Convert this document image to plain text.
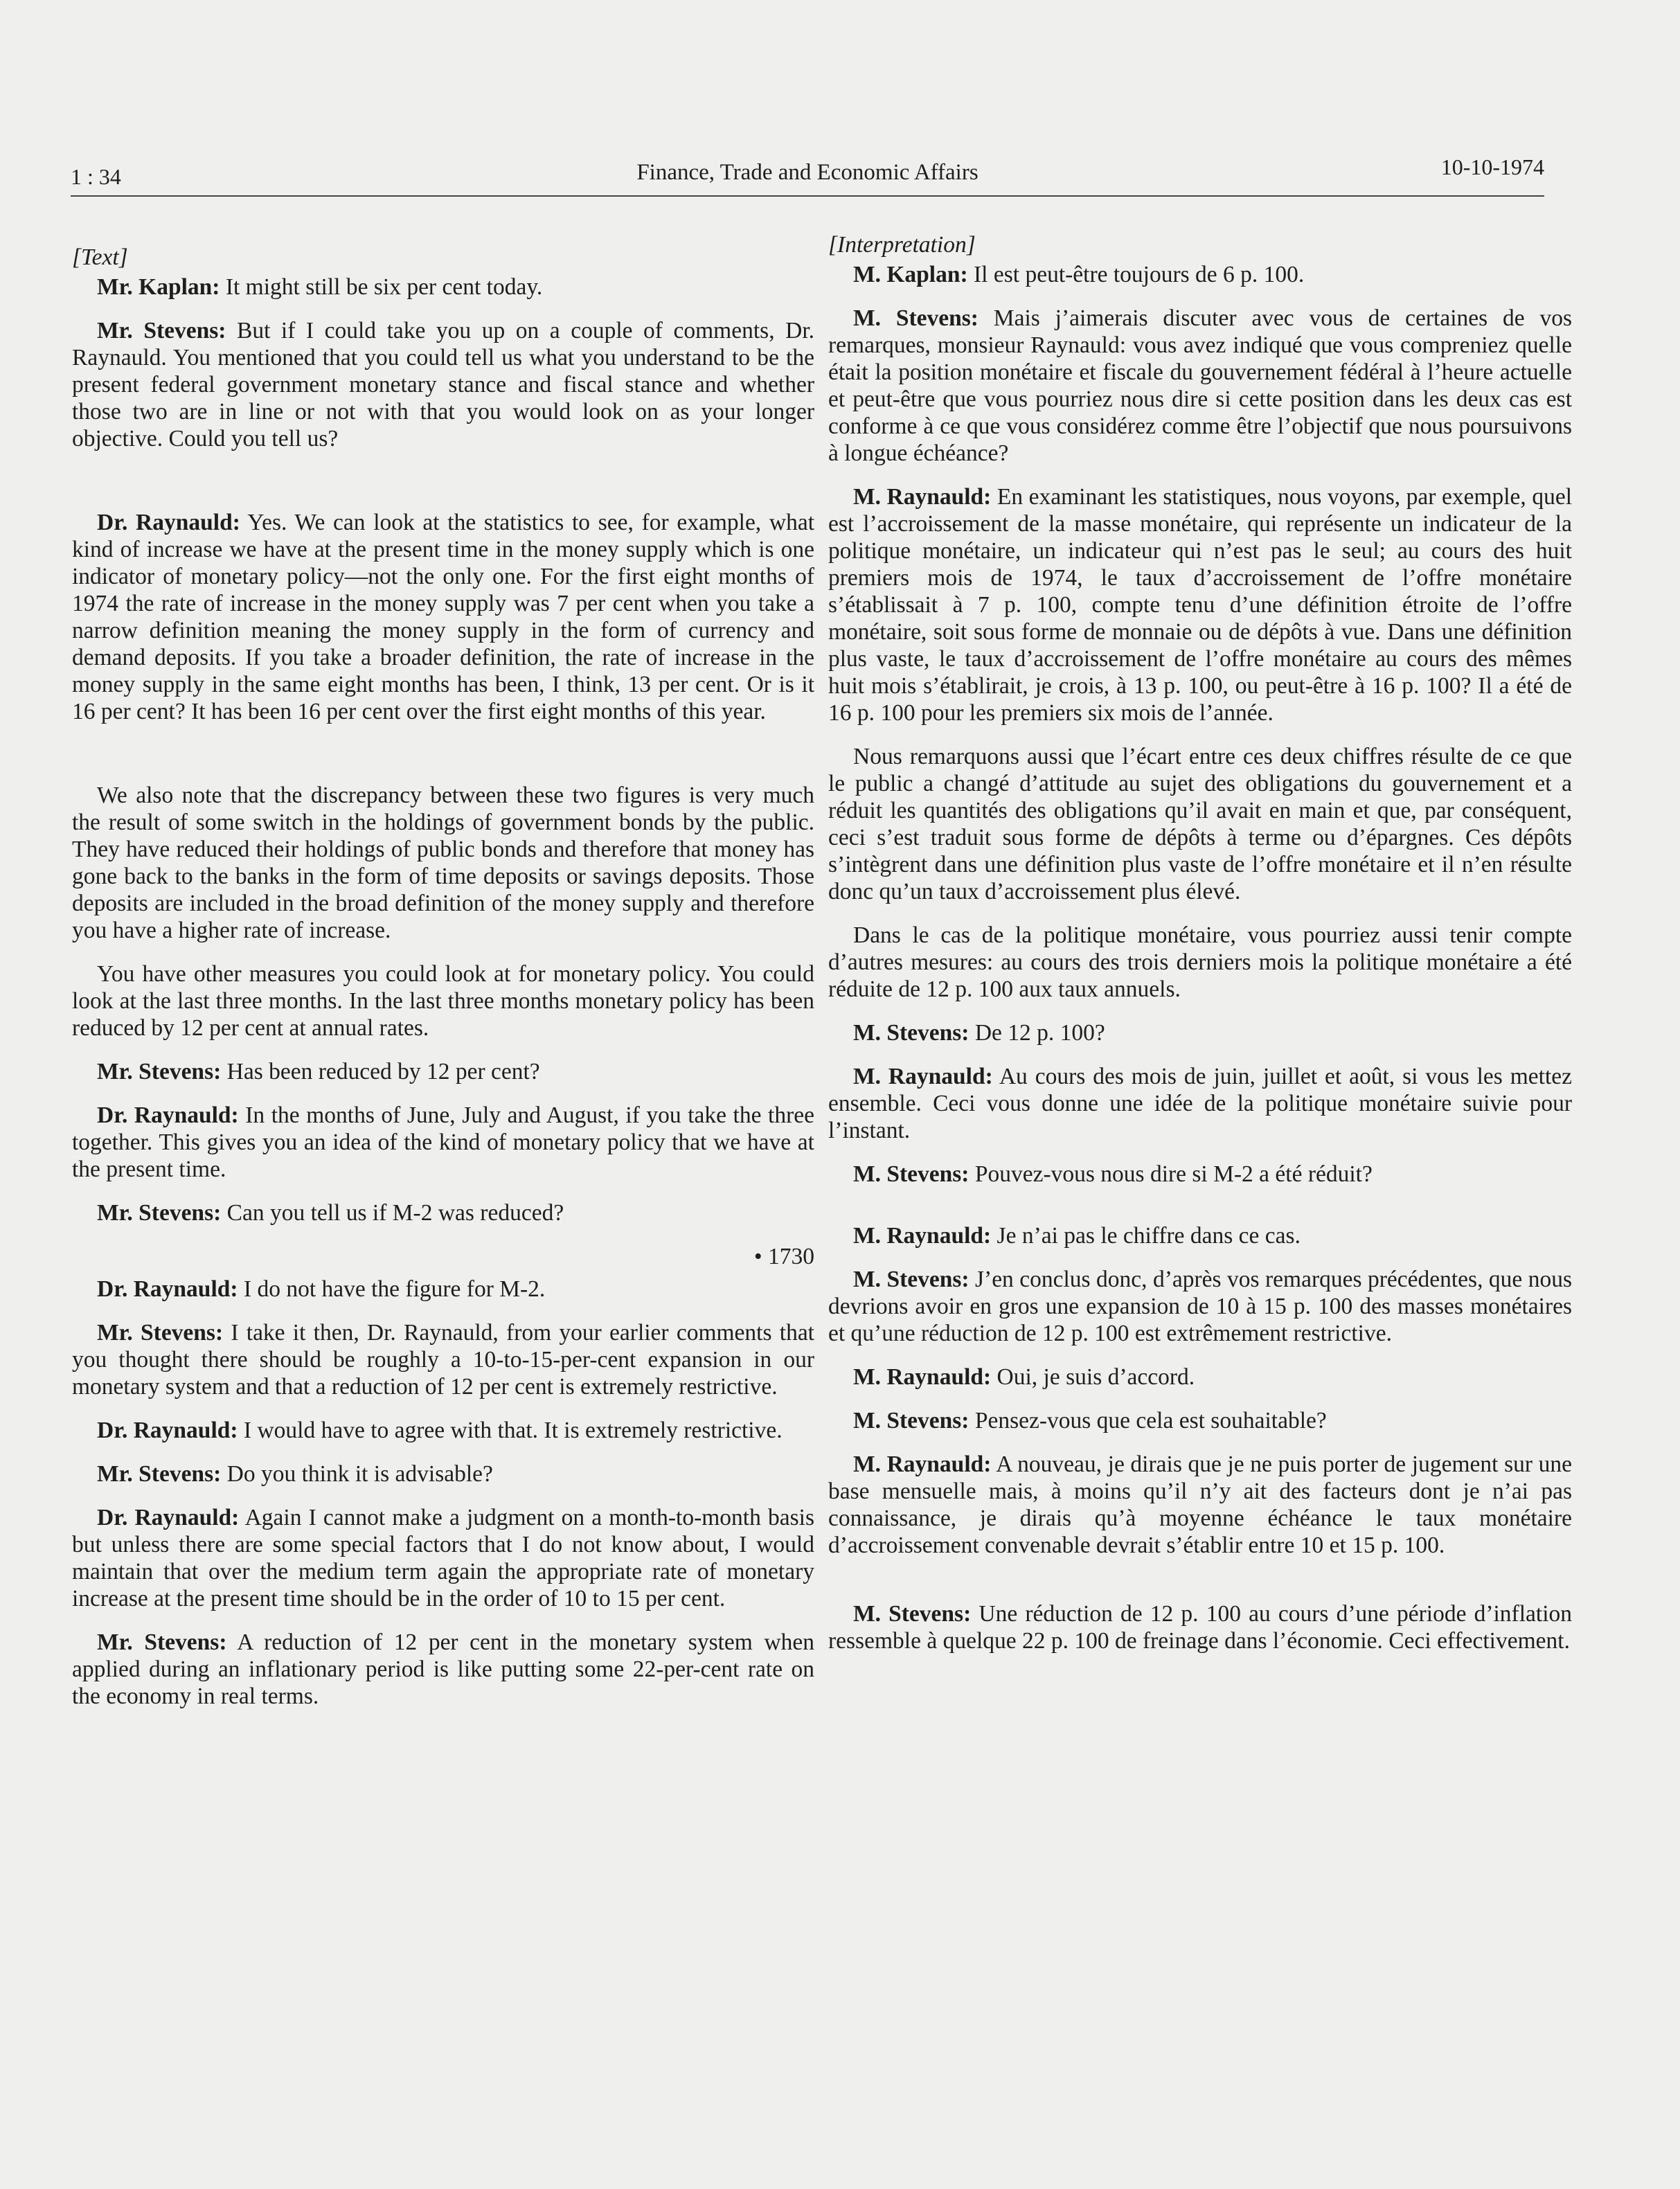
1 : 34	Finance, Trade and Economic Affairs	10-10-1974
[Text]

Mr. Kaplan: It might still be six per cent today.

Mr. Stevens: But if I could take you up on a couple of comments, Dr. Raynauld. You mentioned that you could tell us what you understand to be the present federal government monetary stance and fiscal stance and whether those two are in line or not with that you would look on as your longer objective. Could you tell us?

Dr. Raynauld: Yes. We can look at the statistics to see, for example, what kind of increase we have at the present time in the money supply which is one indicator of monetary policy—not the only one. For the first eight months of 1974 the rate of increase in the money supply was 7 per cent when you take a narrow definition meaning the money supply in the form of currency and demand deposits. If you take a broader definition, the rate of increase in the money supply in the same eight months has been, I think, 13 per cent. Or is it 16 per cent? It has been 16 per cent over the first eight months of this year.

We also note that the discrepancy between these two figures is very much the result of some switch in the holdings of government bonds by the public. They have reduced their holdings of public bonds and therefore that money has gone back to the banks in the form of time deposits or savings deposits. Those deposits are included in the broad definition of the money supply and therefore you have a higher rate of increase.

You have other measures you could look at for monetary policy. You could look at the last three months. In the last three months monetary policy has been reduced by 12 per cent at annual rates.

Mr. Stevens: Has been reduced by 12 per cent?

Dr. Raynauld: In the months of June, July and August, if you take the three together. This gives you an idea of the kind of monetary policy that we have at the present time.

Mr. Stevens: Can you tell us if M-2 was reduced?

• 1730

Dr. Raynauld: I do not have the figure for M-2.

Mr. Stevens: I take it then, Dr. Raynauld, from your earlier comments that you thought there should be roughly a 10-to-15-per-cent expansion in our monetary system and that a reduction of 12 per cent is extremely restrictive.

Dr. Raynauld: I would have to agree with that. It is extremely restrictive.

Mr. Stevens: Do you think it is advisable?

Dr. Raynauld: Again I cannot make a judgment on a month-to-month basis but unless there are some special factors that I do not know about, I would maintain that over the medium term again the appropriate rate of monetary increase at the present time should be in the order of 10 to 15 per cent.

Mr. Stevens: A reduction of 12 per cent in the monetary system when applied during an inflationary period is like putting some 22-per-cent rate on the economy in real terms.

[Interpretation]

M. Kaplan: Il est peut-être toujours de 6 p. 100.

M. Stevens: Mais j’aimerais discuter avec vous de certaines de vos remarques, monsieur Raynauld: vous avez indiqué que vous compreniez quelle était la position monétaire et fiscale du gouvernement fédéral à l’heure actuelle et peut-être que vous pourriez nous dire si cette position dans les deux cas est conforme à ce que vous considérez comme être l’objectif que nous poursuivons à longue échéance?

M. Raynauld: En examinant les statistiques, nous voyons, par exemple, quel est l’accroissement de la masse monétaire, qui représente un indicateur de la politique monétaire, un indicateur qui n’est pas le seul; au cours des huit premiers mois de 1974, le taux d’accroissement de l’offre monétaire s’établissait à 7 p. 100, compte tenu d’une définition étroite de l’offre monétaire, soit sous forme de monnaie ou de dépôts à vue. Dans une définition plus vaste, le taux d’accroissement de l’offre monétaire au cours des mêmes huit mois s’établirait, je crois, à 13 p. 100, ou peut-être à 16 p. 100? Il a été de 16 p. 100 pour les premiers six mois de l’année.

Nous remarquons aussi que l’écart entre ces deux chiffres résulte de ce que le public a changé d’attitude au sujet des obligations du gouvernement et a réduit les quantités des obligations qu’il avait en main et que, par conséquent, ceci s’est traduit sous forme de dépôts à terme ou d’épargnes. Ces dépôts s’intègrent dans une définition plus vaste de l’offre monétaire et il n’en résulte donc qu’un taux d’accroissement plus élevé.

Dans le cas de la politique monétaire, vous pourriez aussi tenir compte d’autres mesures: au cours des trois derniers mois la politique monétaire a été réduite de 12 p. 100 aux taux annuels.

M. Stevens: De 12 p. 100?

M. Raynauld: Au cours des mois de juin, juillet et août, si vous les mettez ensemble. Ceci vous donne une idée de la politique monétaire suivie pour l’instant.

M. Stevens: Pouvez-vous nous dire si M-2 a été réduit?

M. Raynauld: Je n’ai pas le chiffre dans ce cas.

M. Stevens: J’en conclus donc, d’après vos remarques précédentes, que nous devrions avoir en gros une expansion de 10 à 15 p. 100 des masses monétaires et qu’une réduction de 12 p. 100 est extrêmement restrictive.

M. Raynauld: Oui, je suis d’accord.

M. Stevens: Pensez-vous que cela est souhaitable?

M. Raynauld: A nouveau, je dirais que je ne puis porter de jugement sur une base mensuelle mais, à moins qu’il n’y ait des facteurs dont je n’ai pas connaissance, je dirais qu’à moyenne échéance le taux monétaire d’accroissement convenable devrait s’établir entre 10 et 15 p. 100.

M. Stevens: Une réduction de 12 p. 100 au cours d’une période d’inflation ressemble à quelque 22 p. 100 de freinage dans l’économie. Ceci effectivement.
